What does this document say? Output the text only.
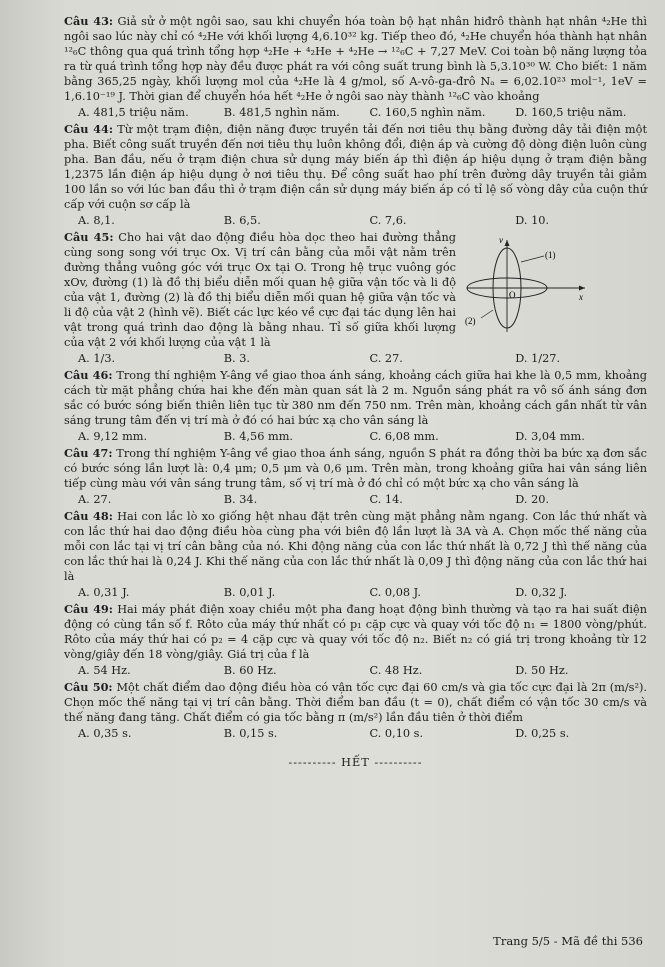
Câu 43: Giả sử ở một ngôi sao, sau khi chuyển hóa toàn bộ hạt nhân hiđrô thành hạt nhân ⁴₂He thì ngôi sao lúc này chỉ có ⁴₂He với khối lượng 4,6.10³² kg. Tiếp theo đó, ⁴₂He chuyển hóa thành hạt nhân ¹²₆C thông qua quá trình tổng hợp ⁴₂He + ⁴₂He + ⁴₂He → ¹²₆C + 7,27 MeV. Coi toàn bộ năng lượng tỏa ra từ quá trình tổng hợp này đều được phát ra với công suất trung bình là 5,3.10³⁰ W. Cho biết: 1 năm bằng 365,25 ngày, khối lượng mol của ⁴₂He là 4 g/mol, số A-vô-ga-đrô Nₐ = 6,02.10²³ mol⁻¹, 1eV = 1,6.10⁻¹⁹ J. Thời gian để chuyển hóa hết ⁴₂He ở ngôi sao này thành ¹²₆C vào khoảng

A. 481,5 triệu năm.	B. 481,5 nghìn năm.	C. 160,5 nghìn năm.	D. 160,5 triệu năm.

Câu 44: Từ một trạm điện, điện năng được truyền tải đến nơi tiêu thụ bằng đường dây tải điện một pha. Biết công suất truyền đến nơi tiêu thụ luôn không đổi, điện áp và cường độ dòng điện luôn cùng pha. Ban đầu, nếu ở trạm điện chưa sử dụng máy biến áp thì điện áp hiệu dụng ở trạm điện bằng 1,2375 lần điện áp hiệu dụng ở nơi tiêu thụ. Để công suất hao phí trên đường dây truyền tải giảm 100 lần so với lúc ban đầu thì ở trạm điện cần sử dụng máy biến áp có tỉ lệ số vòng dây của cuộn thứ cấp với cuộn sơ cấp là

A. 8,1.	B. 6,5.	C. 7,6.	D. 10.

Câu 45: Cho hai vật dao động điều hòa dọc theo hai đường thẳng cùng song song với trục Ox. Vị trí cân bằng của mỗi vật nằm trên đường thẳng vuông góc với trục Ox tại O. Trong hệ trục vuông góc xOv, đường (1) là đồ thị biểu diễn mối quan hệ giữa vận tốc và li độ của vật 1, đường (2) là đồ thị biểu diễn mối quan hệ giữa vận tốc và li độ của vật 2 (hình vẽ). Biết các lực kéo về cực đại tác dụng lên hai vật trong quá trình dao động là bằng nhau. Tỉ số giữa khối lượng của vật 2 với khối lượng của vật 1 là

v
x
O
(1)
(2)
A. 1/3.	B. 3.	C. 27.	D. 1/27.

Câu 46: Trong thí nghiệm Y-âng về giao thoa ánh sáng, khoảng cách giữa hai khe là 0,5 mm, khoảng cách từ mặt phẳng chứa hai khe đến màn quan sát là 2 m. Nguồn sáng phát ra vô số ánh sáng đơn sắc có bước sóng biến thiên liên tục từ 380 nm đến 750 nm. Trên màn, khoảng cách gần nhất từ vân sáng trung tâm đến vị trí mà ở đó có hai bức xạ cho vân sáng là

A. 9,12 mm.	B. 4,56 mm.	C. 6,08 mm.	D. 3,04 mm.

Câu 47: Trong thí nghiệm Y-âng về giao thoa ánh sáng, nguồn S phát ra đồng thời ba bức xạ đơn sắc có bước sóng lần lượt là: 0,4 μm; 0,5 μm và 0,6 μm. Trên màn, trong khoảng giữa hai vân sáng liên tiếp cùng màu với vân sáng trung tâm, số vị trí mà ở đó chỉ có một bức xạ cho vân sáng là

A. 27.	B. 34.	C. 14.	D. 20.

Câu 48: Hai con lắc lò xo giống hệt nhau đặt trên cùng mặt phẳng nằm ngang. Con lắc thứ nhất và con lắc thứ hai dao động điều hòa cùng pha với biên độ lần lượt là 3A và A. Chọn mốc thế năng của mỗi con lắc tại vị trí cân bằng của nó. Khi động năng của con lắc thứ nhất là 0,72 J thì thế năng của con lắc thứ hai là 0,24 J. Khi thế năng của con lắc thứ nhất là 0,09 J thì động năng của con lắc thứ hai là

A. 0,31 J.	B. 0,01 J.	C. 0,08 J.	D. 0,32 J.

Câu 49: Hai máy phát điện xoay chiều một pha đang hoạt động bình thường và tạo ra hai suất điện động có cùng tần số f. Rôto của máy thứ nhất có p₁ cặp cực và quay với tốc độ n₁ = 1800 vòng/phút. Rôto của máy thứ hai có p₂ = 4 cặp cực và quay với tốc độ n₂. Biết n₂ có giá trị trong khoảng từ 12 vòng/giây đến 18 vòng/giây. Giá trị của f là

A. 54 Hz.	B. 60 Hz.	C. 48 Hz.	D. 50 Hz.

Câu 50: Một chất điểm dao động điều hòa có vận tốc cực đại 60 cm/s và gia tốc cực đại là 2π (m/s²). Chọn mốc thế năng tại vị trí cân bằng. Thời điểm ban đầu (t = 0), chất điểm có vận tốc 30 cm/s và thế năng đang tăng. Chất điểm có gia tốc bằng π (m/s²) lần đầu tiên ở thời điểm

A. 0,35 s.	B. 0,15 s.	C. 0,10 s.	D. 0,25 s.
---------- HẾT ----------
Trang 5/5 - Mã đề thi 536
